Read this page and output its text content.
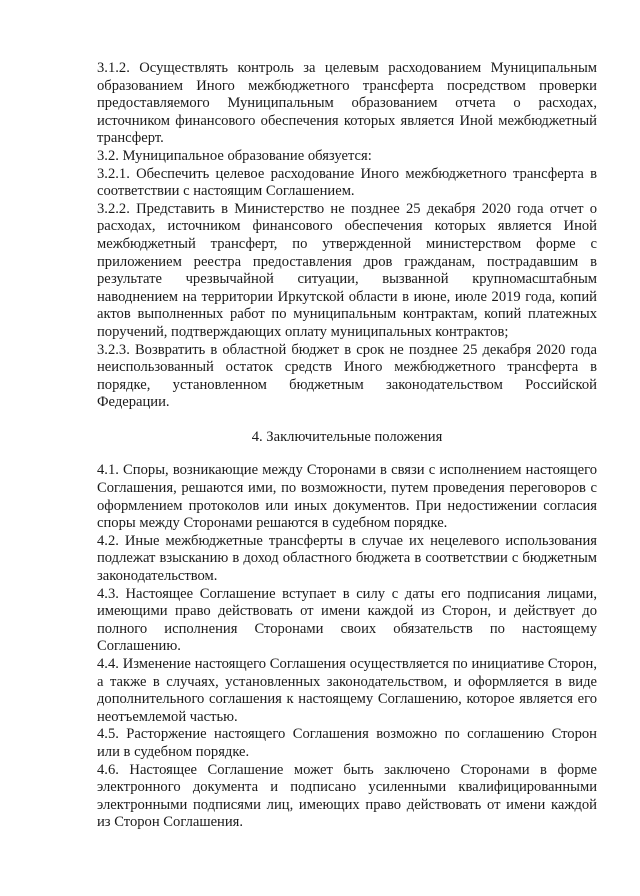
3.1.2. Осуществлять контроль за целевым расходованием Муниципальным образованием Иного межбюджетного трансферта посредством проверки предоставляемого Муниципальным образованием отчета о расходах, источником финансового обеспечения которых является Иной межбюджетный трансферт.

3.2. Муниципальное образование обязуется:

3.2.1. Обеспечить целевое расходование Иного межбюджетного трансферта в соответствии с настоящим Соглашением.

3.2.2. Представить в Министерство не позднее 25 декабря 2020 года отчет о расходах, источником финансового обеспечения которых является Иной межбюджетный трансферт, по утвержденной министерством форме с приложением реестра предоставления дров гражданам, пострадавшим в результате чрезвычайной ситуации, вызванной крупномасштабным наводнением на территории Иркутской области в июне, июле 2019 года, копий актов выполненных работ по муниципальным контрактам, копий платежных поручений, подтверждающих оплату муниципальных контрактов;

3.2.3. Возвратить в областной бюджет в срок не позднее 25 декабря 2020 года неиспользованный остаток средств Иного межбюджетного трансферта в порядке, установленном бюджетным законодательством Российской Федерации.

4. Заключительные положения

4.1. Споры, возникающие между Сторонами в связи с исполнением настоящего Соглашения, решаются ими, по возможности, путем проведения переговоров с оформлением протоколов или иных документов. При недостижении согласия споры между Сторонами решаются в судебном порядке.

4.2. Иные межбюджетные трансферты в случае их нецелевого использования подлежат взысканию в доход областного бюджета в соответствии с бюджетным законодательством.

4.3. Настоящее Соглашение вступает в силу с даты его подписания лицами, имеющими право действовать от имени каждой из Сторон, и действует до полного исполнения Сторонами своих обязательств по настоящему Соглашению.

4.4. Изменение настоящего Соглашения осуществляется по инициативе Сторон, а также в случаях, установленных законодательством, и оформляется в виде дополнительного соглашения к настоящему Соглашению, которое является его неотъемлемой частью.

4.5. Расторжение настоящего Соглашения возможно по соглашению Сторон или в судебном порядке.

4.6. Настоящее Соглашение может быть заключено Сторонами в форме электронного документа и подписано усиленными квалифицированными электронными подписями лиц, имеющих право действовать от имени каждой из Сторон Соглашения.
